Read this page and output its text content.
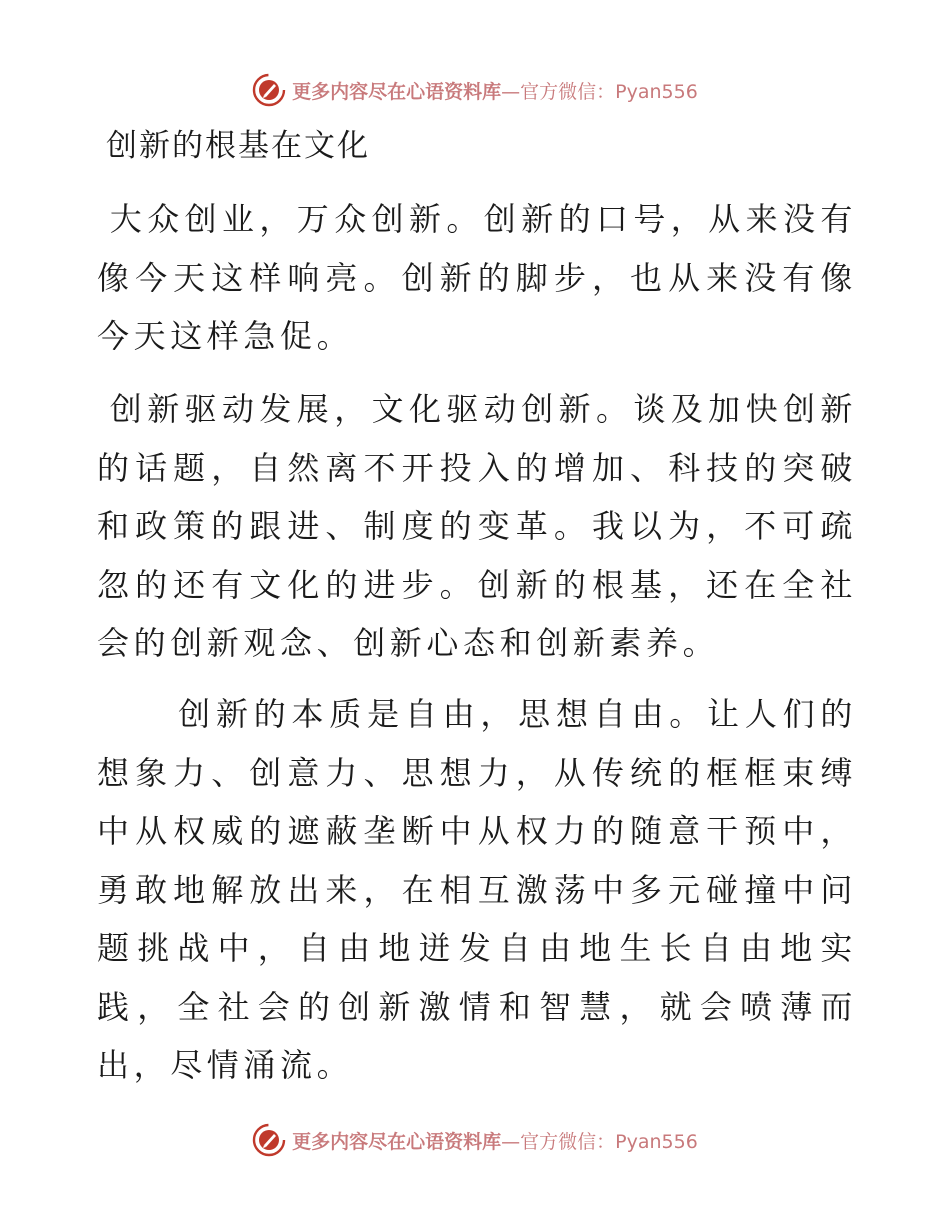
更多内容尽在心语资料库—官方微信：Pyan556
创新的根基在文化

大众创业，万众创新。创新的口号，从来没有像今天这样响亮。创新的脚步，也从来没有像今天这样急促。

创新驱动发展，文化驱动创新。谈及加快创新的话题，自然离不开投入的增加、科技的突破和政策的跟进、制度的变革。我以为，不可疏忽的还有文化的进步。创新的根基，还在全社会的创新观念、创新心态和创新素养。

创新的本质是自由，思想自由。让人们的想象力、创意力、思想力，从传统的框框束缚中从权威的遮蔽垄断中从权力的随意干预中，勇敢地解放出来，在相互激荡中多元碰撞中问题挑战中，自由地迸发自由地生长自由地实践，全社会的创新激情和智慧，就会喷薄而出，尽情涌流。

更多内容尽在心语资料库—官方微信：Pyan556
